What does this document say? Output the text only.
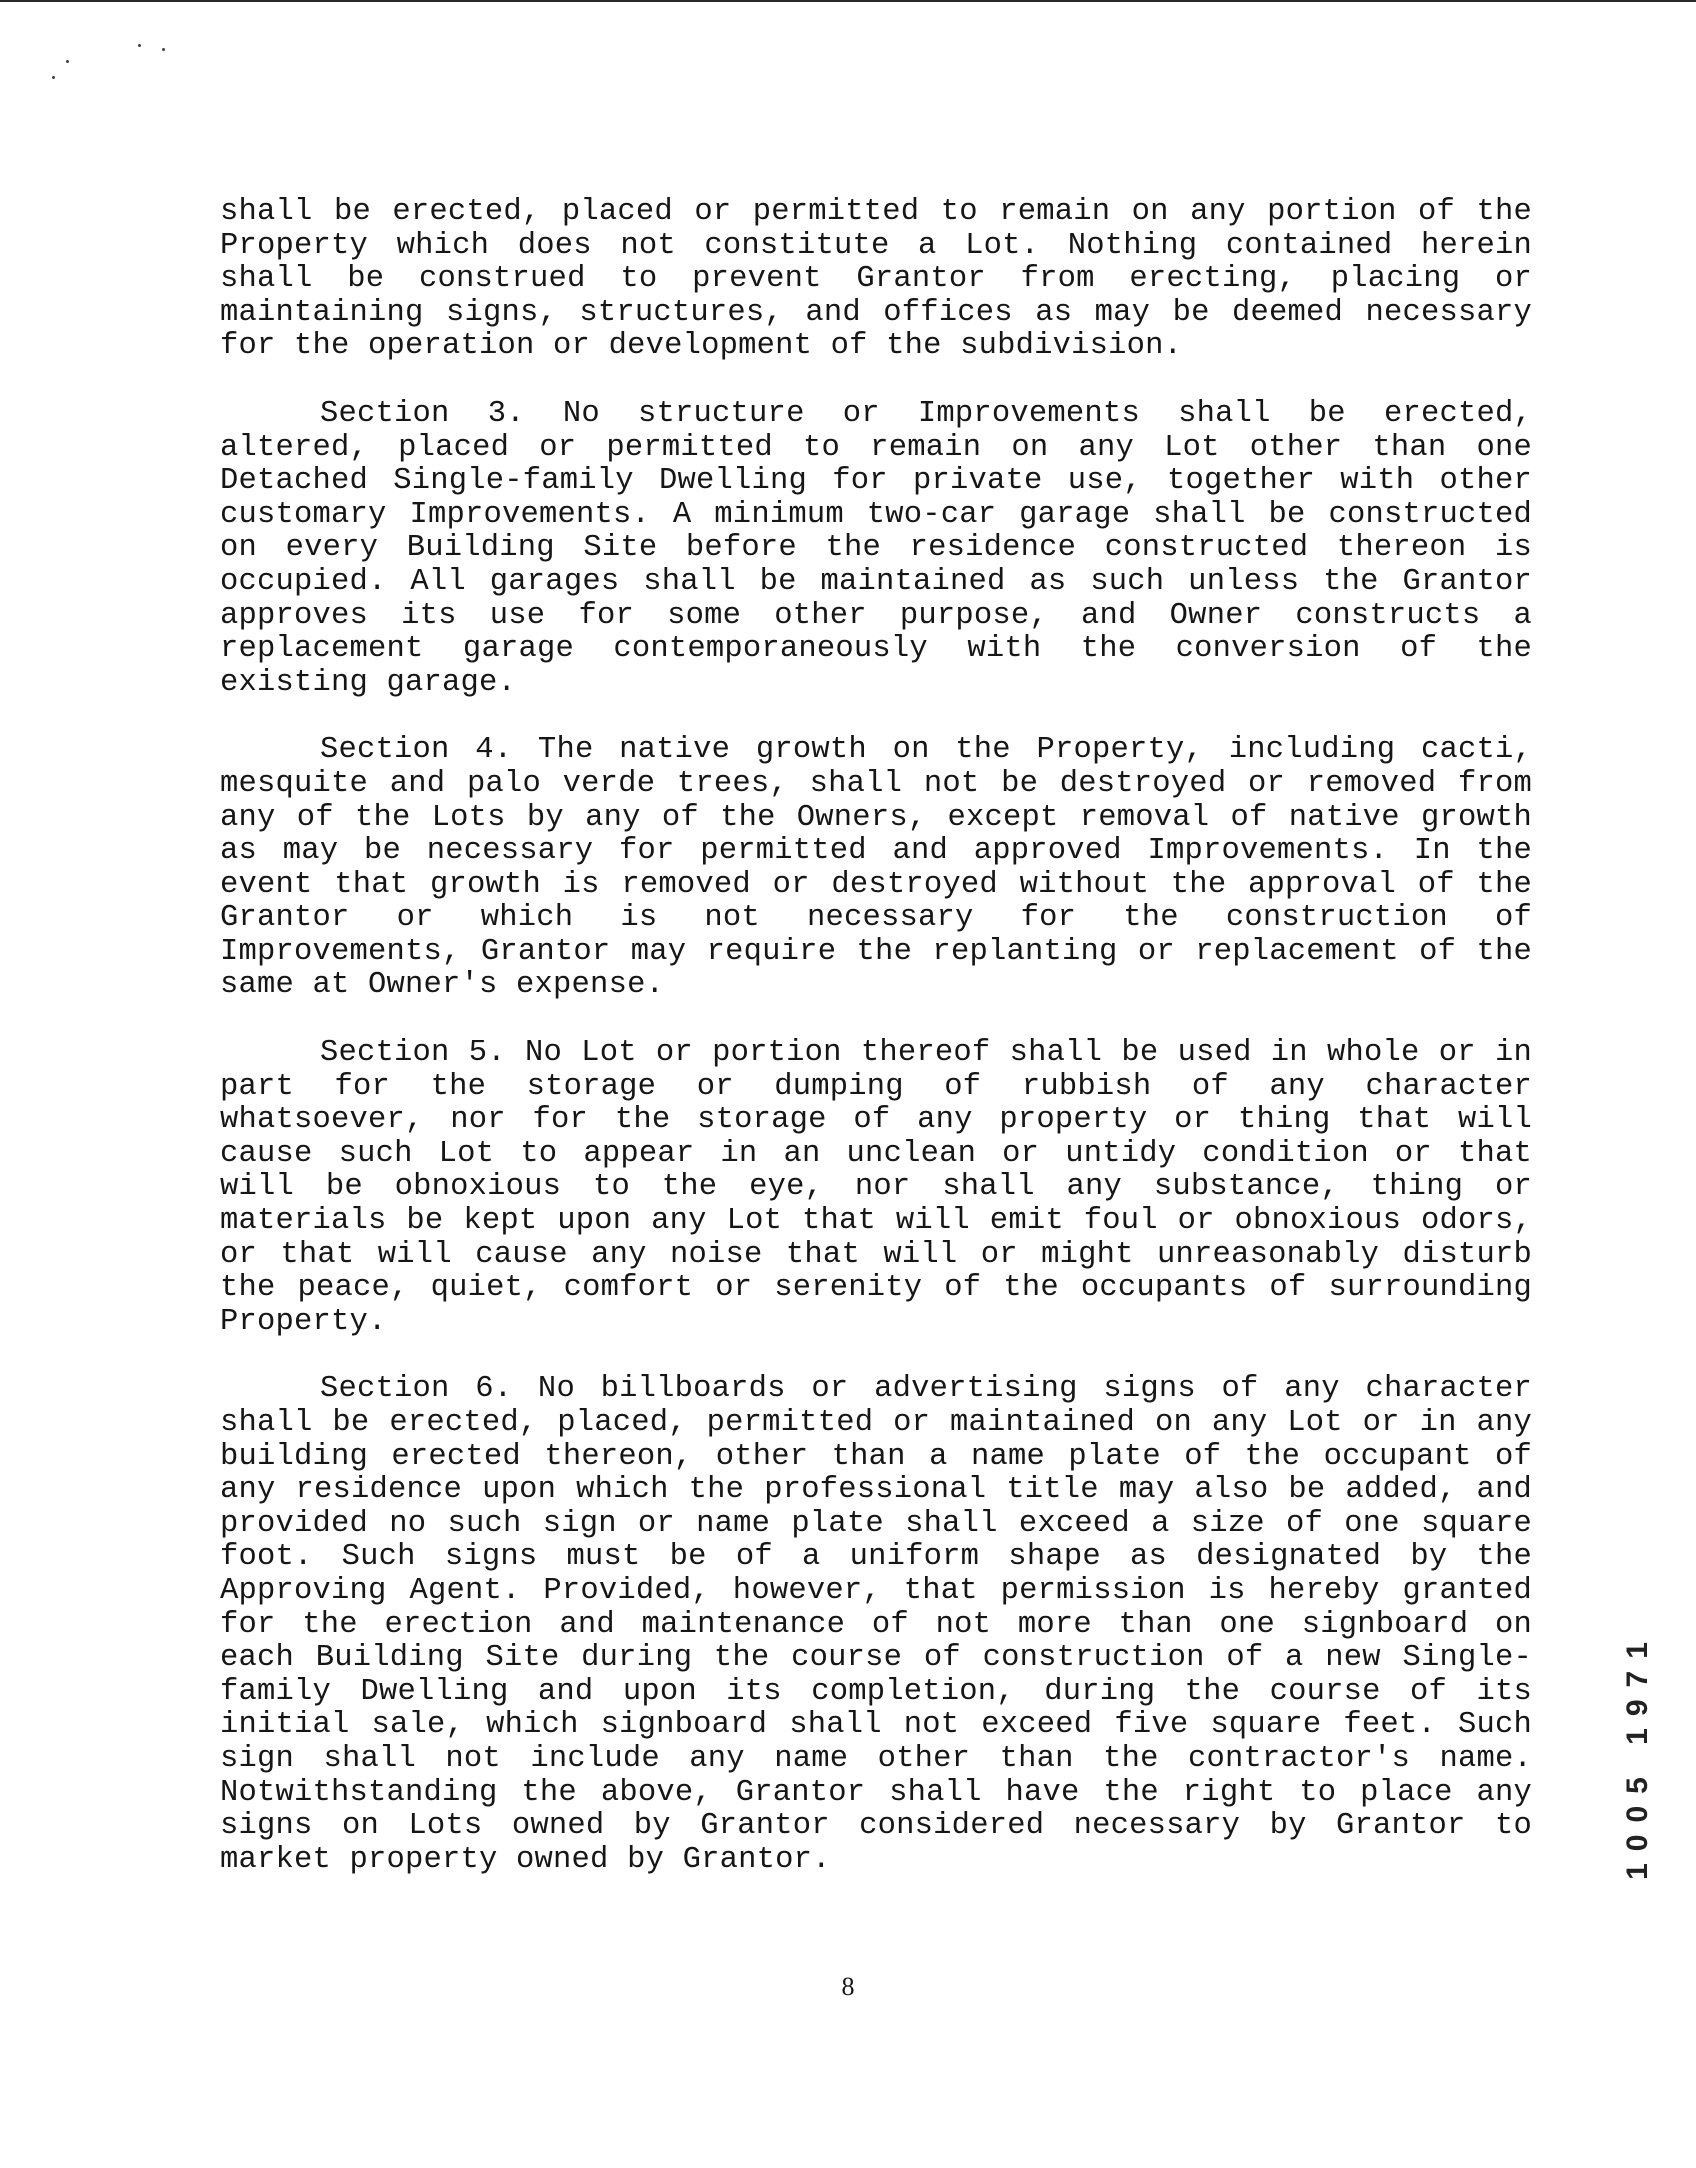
shall be erected, placed or permitted to remain on any portion of the Property which does not constitute a Lot. Nothing contained herein shall be construed to prevent Grantor from erecting, placing or maintaining signs, structures, and offices as may be deemed necessary for the operation or development of the subdivision.

Section 3. No structure or Improvements shall be erected, altered, placed or permitted to remain on any Lot other than one Detached Single-family Dwelling for private use, together with other customary Improvements. A minimum two-car garage shall be constructed on every Building Site before the residence constructed thereon is occupied. All garages shall be maintained as such unless the Grantor approves its use for some other purpose, and Owner constructs a replacement garage contemporaneously with the conversion of the existing garage.

Section 4. The native growth on the Property, including cacti, mesquite and palo verde trees, shall not be destroyed or removed from any of the Lots by any of the Owners, except removal of native growth as may be necessary for permitted and approved Improvements. In the event that growth is removed or destroyed without the approval of the Grantor or which is not necessary for the construction of Improvements, Grantor may require the replanting or replacement of the same at Owner's expense.

Section 5. No Lot or portion thereof shall be used in whole or in part for the storage or dumping of rubbish of any character whatsoever, nor for the storage of any property or thing that will cause such Lot to appear in an unclean or untidy condition or that will be obnoxious to the eye, nor shall any substance, thing or materials be kept upon any Lot that will emit foul or obnoxious odors, or that will cause any noise that will or might unreasonably disturb the peace, quiet, comfort or serenity of the occupants of surrounding Property.

Section 6. No billboards or advertising signs of any character shall be erected, placed, permitted or maintained on any Lot or in any building erected thereon, other than a name plate of the occupant of any residence upon which the professional title may also be added, and provided no such sign or name plate shall exceed a size of one square foot. Such signs must be of a uniform shape as designated by the Approving Agent. Provided, however, that permission is hereby granted for the erection and maintenance of not more than one signboard on each Building Site during the course of construction of a new Single-family Dwelling and upon its completion, during the course of its initial sale, which signboard shall not exceed five square feet. Such sign shall not include any name other than the contractor's name. Notwithstanding the above, Grantor shall have the right to place any signs on Lots owned by Grantor considered necessary by Grantor to market property owned by Grantor.

8
1005 1971
